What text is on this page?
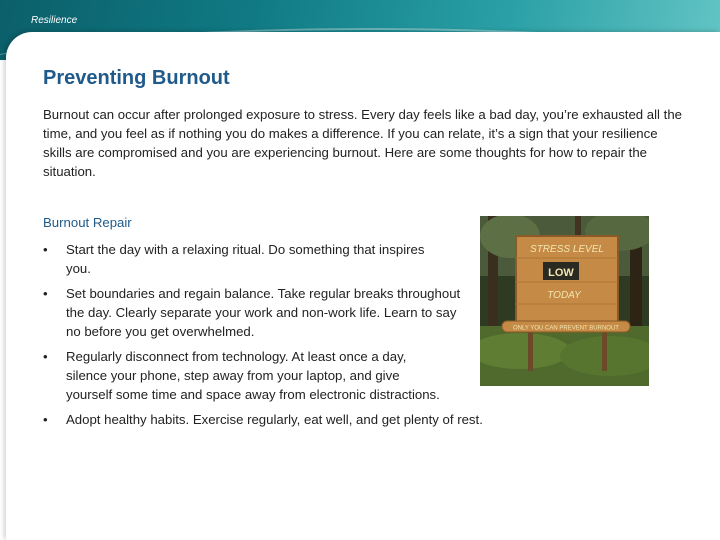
Resilience
Preventing Burnout
Burnout can occur after prolonged exposure to stress. Every day feels like a bad day, you’re exhausted all the time, and you feel as if nothing you do makes a difference. If you can relate, it’s a sign that your resilience skills are compromised and you are experiencing burnout. Here are some thoughts for how to repair the situation.
Burnout Repair
• Start the day with a relaxing ritual. Do something that inspires you.
• Set boundaries and regain balance. Take regular breaks throughout the day. Clearly separate your work and non-work life. Learn to say no before you get overwhelmed.
• Regularly disconnect from technology. At least once a day, silence your phone, step away from your laptop, and give yourself some time and space away from electronic distractions.
• Adopt healthy habits. Exercise regularly, eat well, and get plenty of rest.
STRESS LEVEL
LOW
TODAY
ONLY YOU CAN PREVENT BURNOUT
